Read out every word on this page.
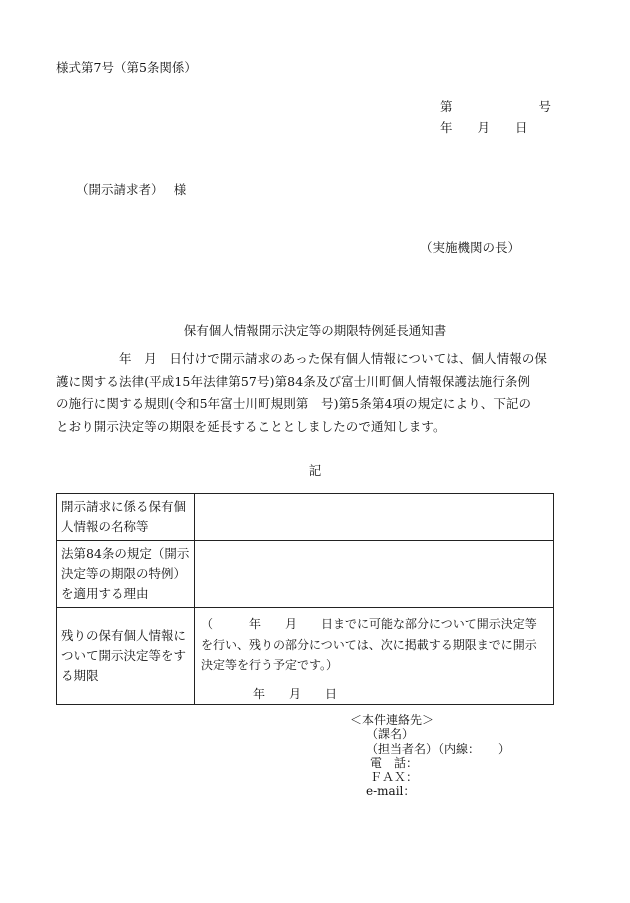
様式第7号（第5条関係）
第	号
年　　月　　日
（開示請求者）　 様
（実施機関の長）
保有個人情報開示決定等の期限特例延長通知書

　　　　　年　月　日付けで開示請求のあった保有個人情報については、個人情報の保

護に関する法律(平成15年法律第57号)第84条及び富士川町個人情報保護法施行条例

の施行に関する規則(令和5年富士川町規則第　号)第5条第4項の規定により、下記の

とおり開示決定等の期限を延長することとしましたので通知します。

記
開示請求に係る保有個人情報の名称等	
法第84条の規定（開示決定等の期限の特例）を適用する理由	
残りの保有個人情報について開示決定等をする期限	（　　　年　　月　　日までに可能な部分について開示決定等を行い、残りの部分については、次に掲載する期限までに開示決定等を行う予定です。）
年　　月　　日
＜本件連絡先＞
（課名）
（担当者名）（内線：　　）
電　話：
ＦＡＸ：
e-mail：
